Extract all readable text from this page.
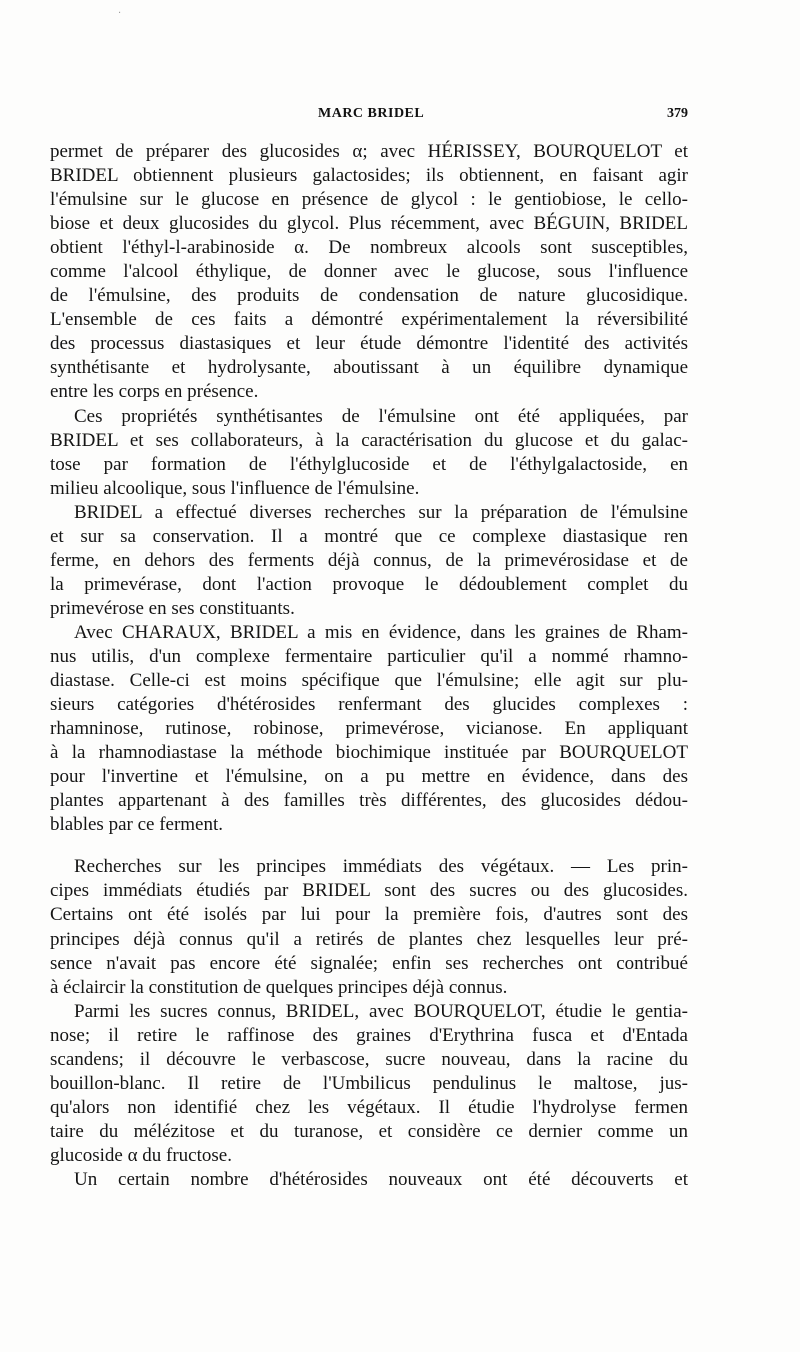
·
MARC BRIDEL	379
permet de préparer des glucosides α; avec HÉRISSEY, BOURQUELOT et
BRIDEL obtiennent plusieurs galactosides; ils obtiennent, en faisant agir
l'émulsine sur le glucose en présence de glycol : le gentiobiose, le cello-
biose et deux glucosides du glycol. Plus récemment, avec BÉGUIN, BRIDEL
obtient l'éthyl-l-arabinoside α. De nombreux alcools sont susceptibles,
comme l'alcool éthylique, de donner avec le glucose, sous l'influence
de l'émulsine, des produits de condensation de nature glucosidique.
L'ensemble de ces faits a démontré expérimentalement la réversibilité
des processus diastasiques et leur étude démontre l'identité des activités
synthétisante et hydrolysante, aboutissant à un équilibre dynamique
entre les corps en présence.
Ces propriétés synthétisantes de l'émulsine ont été appliquées, par
BRIDEL et ses collaborateurs, à la caractérisation du glucose et du galac-
tose par formation de l'éthylglucoside et de l'éthylgalactoside, en
milieu alcoolique, sous l'influence de l'émulsine.
BRIDEL a effectué diverses recherches sur la préparation de l'émulsine
et sur sa conservation. Il a montré que ce complexe diastasique ren
ferme, en dehors des ferments déjà connus, de la primevérosidase et de
la primevérase, dont l'action provoque le dédoublement complet du
primevérose en ses constituants.
Avec CHARAUX, BRIDEL a mis en évidence, dans les graines de Rham-
nus utilis, d'un complexe fermentaire particulier qu'il a nommé rhamno-
diastase. Celle-ci est moins spécifique que l'émulsine; elle agit sur plu-
sieurs catégories d'hétérosides renfermant des glucides complexes :
rhamninose, rutinose, robinose, primevérose, vicianose. En appliquant
à la rhamnodiastase la méthode biochimique instituée par BOURQUELOT
pour l'invertine et l'émulsine, on a pu mettre en évidence, dans des
plantes appartenant à des familles très différentes, des glucosides dédou-
blables par ce ferment.
Recherches sur les principes immédiats des végétaux. — Les prin-
cipes immédiats étudiés par BRIDEL sont des sucres ou des glucosides.
Certains ont été isolés par lui pour la première fois, d'autres sont des
principes déjà connus qu'il a retirés de plantes chez lesquelles leur pré-
sence n'avait pas encore été signalée; enfin ses recherches ont contribué
à éclaircir la constitution de quelques principes déjà connus.
Parmi les sucres connus, BRIDEL, avec BOURQUELOT, étudie le gentia-
nose; il retire le raffinose des graines d'Erythrina fusca et d'Entada
scandens; il découvre le verbascose, sucre nouveau, dans la racine du
bouillon-blanc. Il retire de l'Umbilicus pendulinus le maltose, jus-
qu'alors non identifié chez les végétaux. Il étudie l'hydrolyse fermen
taire du mélézitose et du turanose, et considère ce dernier comme un
glucoside α du fructose.
Un certain nombre d'hétérosides nouveaux ont été découverts et
